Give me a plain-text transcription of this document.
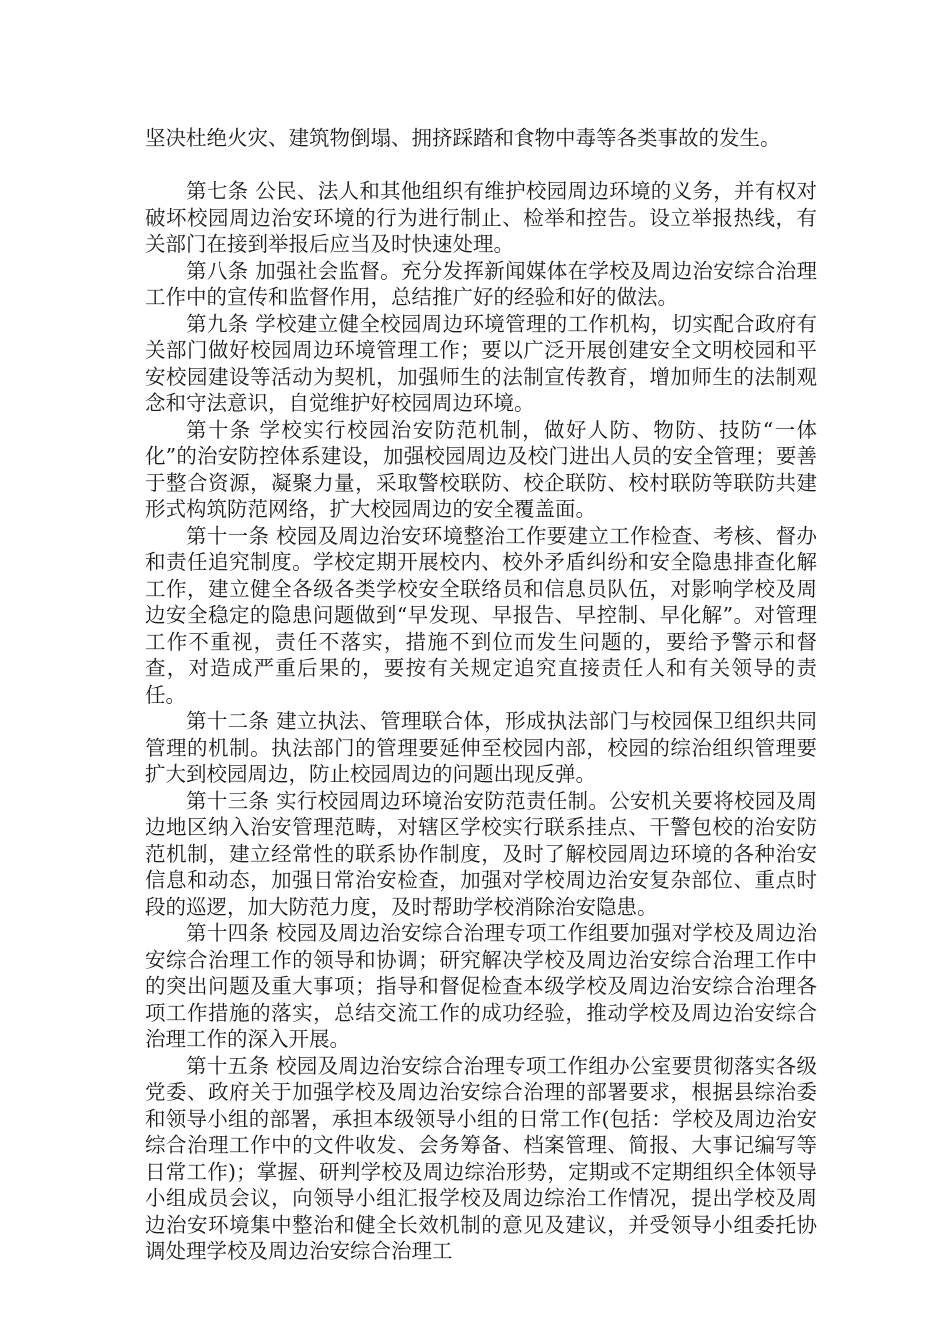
坚决杜绝火灾、建筑物倒塌、拥挤踩踏和食物中毒等各类事故的发生。

第七条 公民、法人和其他组织有维护校园周边环境的义务，并有权对破坏校园周边治安环境的行为进行制止、检举和控告。设立举报热线，有关部门在接到举报后应当及时快速处理。

第八条 加强社会监督。充分发挥新闻媒体在学校及周边治安综合治理工作中的宣传和监督作用，总结推广好的经验和好的做法。

第九条 学校建立健全校园周边环境管理的工作机构，切实配合政府有关部门做好校园周边环境管理工作；要以广泛开展创建安全文明校园和平安校园建设等活动为契机，加强师生的法制宣传教育，增加师生的法制观念和守法意识，自觉维护好校园周边环境。

第十条 学校实行校园治安防范机制，做好人防、物防、技防“一体化”的治安防控体系建设，加强校园周边及校门进出人员的安全管理；要善于整合资源，凝聚力量，采取警校联防、校企联防、校村联防等联防共建形式构筑防范网络，扩大校园周边的安全覆盖面。

第十一条 校园及周边治安环境整治工作要建立工作检查、考核、督办和责任追究制度。学校定期开展校内、校外矛盾纠纷和安全隐患排查化解工作，建立健全各级各类学校安全联络员和信息员队伍，对影响学校及周边安全稳定的隐患问题做到“早发现、早报告、早控制、早化解”。对管理工作不重视，责任不落实，措施不到位而发生问题的，要给予警示和督查，对造成严重后果的，要按有关规定追究直接责任人和有关领导的责任。

第十二条 建立执法、管理联合体，形成执法部门与校园保卫组织共同管理的机制。执法部门的管理要延伸至校园内部，校园的综治组织管理要扩大到校园周边，防止校园周边的问题出现反弹。

第十三条 实行校园周边环境治安防范责任制。公安机关要将校园及周边地区纳入治安管理范畴，对辖区学校实行联系挂点、干警包校的治安防范机制，建立经常性的联系协作制度，及时了解校园周边环境的各种治安信息和动态，加强日常治安检查，加强对学校周边治安复杂部位、重点时段的巡逻，加大防范力度，及时帮助学校消除治安隐患。

第十四条 校园及周边治安综合治理专项工作组要加强对学校及周边治安综合治理工作的领导和协调；研究解决学校及周边治安综合治理工作中的突出问题及重大事项；指导和督促检查本级学校及周边治安综合治理各项工作措施的落实，总结交流工作的成功经验，推动学校及周边治安综合治理工作的深入开展。

第十五条 校园及周边治安综合治理专项工作组办公室要贯彻落实各级党委、政府关于加强学校及周边治安综合治理的部署要求，根据县综治委和领导小组的部署，承担本级领导小组的日常工作(包括：学校及周边治安综合治理工作中的文件收发、会务筹备、档案管理、简报、大事记编写等日常工作)；掌握、研判学校及周边综治形势，定期或不定期组织全体领导小组成员会议，向领导小组汇报学校及周边综治工作情况，提出学校及周边治安环境集中整治和健全长效机制的意见及建议，并受领导小组委托协调处理学校及周边治安综合治理工
